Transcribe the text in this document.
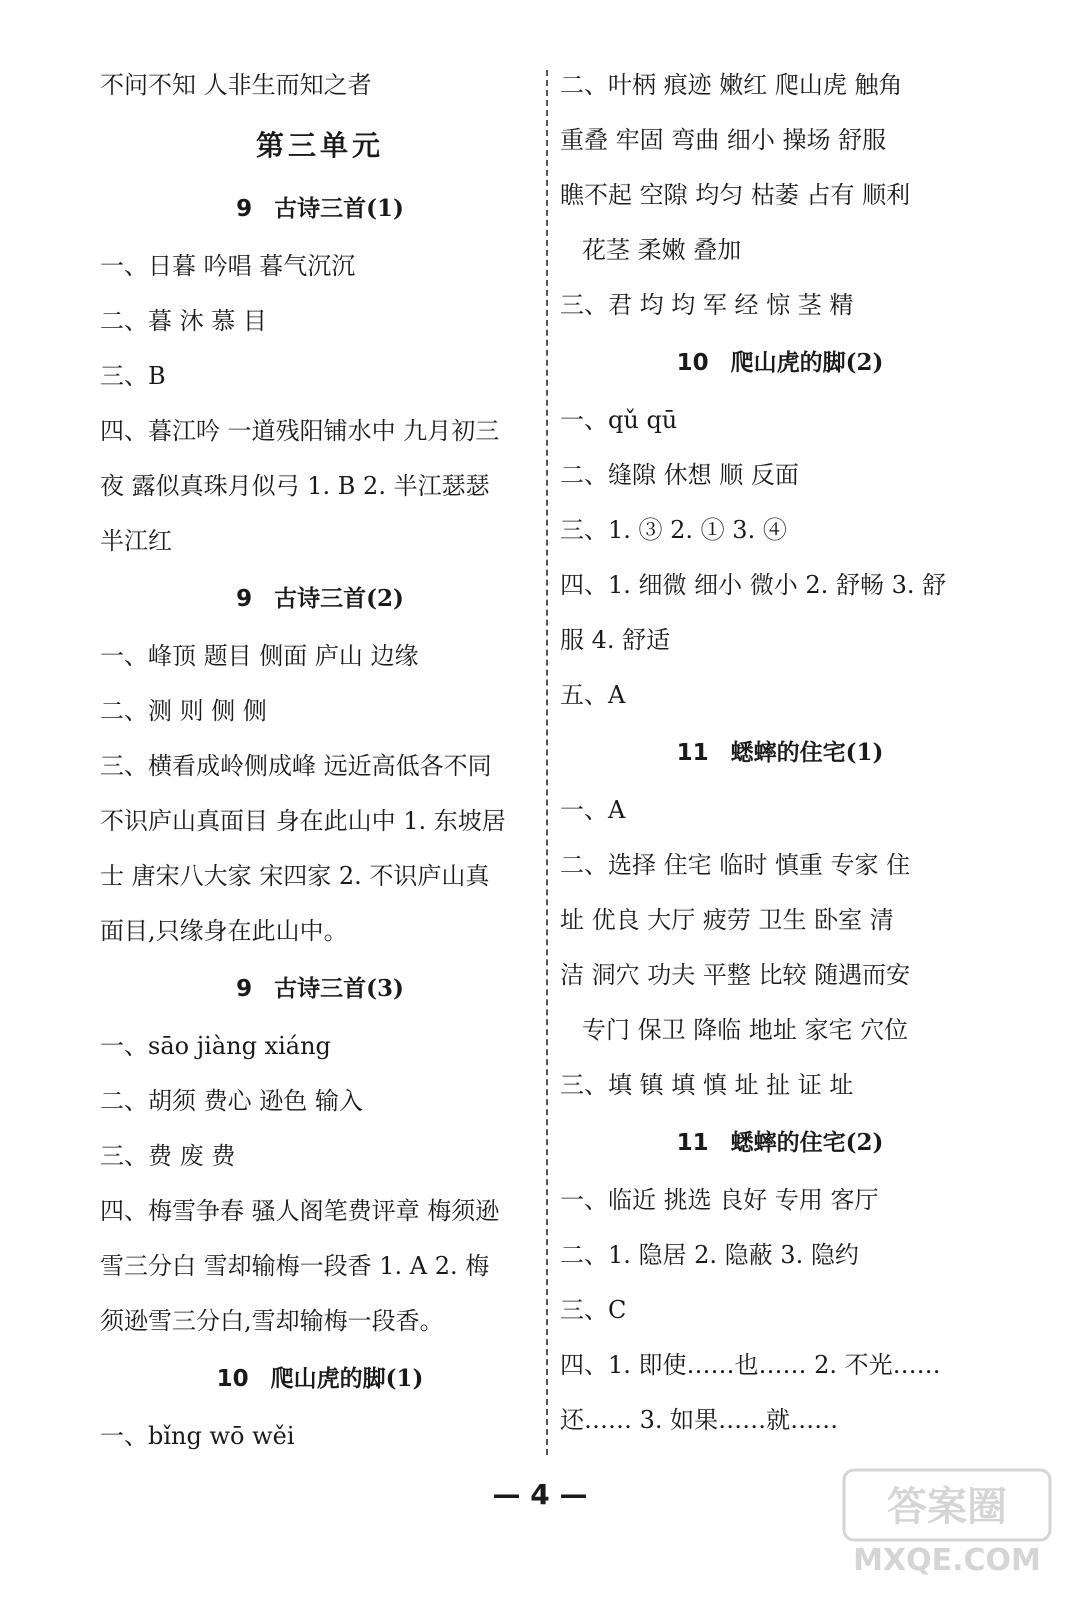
不问不知 人非生而知之者
第三单元
9 古诗三首(1)
一、日暮 吟唱 暮气沉沉
二、暮 沐 慕 目
三、B
四、暮江吟 一道残阳铺水中 九月初三
夜 露似真珠月似弓 1. B 2. 半江瑟瑟
半江红
9 古诗三首(2)
一、峰顶 题目 侧面 庐山 边缘
二、测 则 侧 侧
三、横看成岭侧成峰 远近高低各不同
不识庐山真面目 身在此山中 1. 东坡居
士 唐宋八大家 宋四家 2. 不识庐山真
面目,只缘身在此山中。
9 古诗三首(3)
一、sāo jiàng xiáng
二、胡须 费心 逊色 输入
三、费 废 费
四、梅雪争春 骚人阁笔费评章 梅须逊
雪三分白 雪却输梅一段香 1. A 2. 梅
须逊雪三分白,雪却输梅一段香。
10 爬山虎的脚(1)
一、bǐng wō wěi
二、叶柄 痕迹 嫩红 爬山虎 触角
重叠 牢固 弯曲 细小 操场 舒服
瞧不起 空隙 均匀 枯萎 占有 顺利
花茎 柔嫩 叠加
三、君 均 均 军 经 惊 茎 精
10 爬山虎的脚(2)
一、qǔ qū
二、缝隙 休想 顺 反面
三、1. ③ 2. ① 3. ④
四、1. 细微 细小 微小 2. 舒畅 3. 舒
服 4. 舒适
五、A
11 蟋蟀的住宅(1)
一、A
二、选择 住宅 临时 慎重 专家 住
址 优良 大厅 疲劳 卫生 卧室 清
洁 洞穴 功夫 平整 比较 随遇而安
专门 保卫 降临 地址 家宅 穴位
三、填 镇 填 慎 址 扯 证 址
11 蟋蟀的住宅(2)
一、临近 挑选 良好 专用 客厅
二、1. 隐居 2. 隐蔽 3. 隐约
三、C
四、1. 即使……也…… 2. 不光……
还…… 3. 如果……就……
— 4 —	答案圈
MXQE.COM
